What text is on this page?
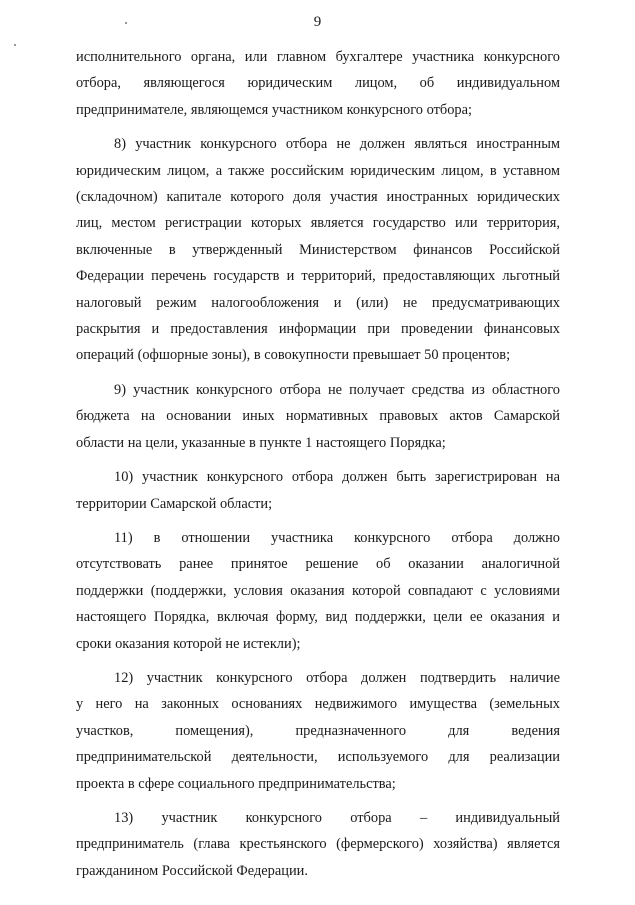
9
исполнительного органа, или главном бухгалтере участника конкурсного
отбора, являющегося юридическим лицом, об индивидуальном
предпринимателе, являющемся участником конкурсного отбора;
8) участник конкурсного отбора не должен являться иностранным
юридическим лицом, а также российским юридическим лицом, в уставном
(складочном) капитале которого доля участия иностранных юридических
лиц, местом регистрации которых является государство или территория,
включенные в утвержденный Министерством финансов Российской
Федерации перечень государств и территорий, предоставляющих льготный
налоговый режим налогообложения и (или) не предусматривающих
раскрытия и предоставления информации при проведении финансовых
операций (офшорные зоны), в совокупности превышает 50 процентов;
9) участник конкурсного отбора не получает средства из областного
бюджета на основании иных нормативных правовых актов Самарской
области на цели, указанные в пункте 1 настоящего Порядка;
10) участник конкурсного отбора должен быть зарегистрирован на
территории Самарской области;
11) в отношении участника конкурсного отбора должно
отсутствовать ранее принятое решение об оказании аналогичной
поддержки (поддержки, условия оказания которой совпадают с условиями
настоящего Порядка, включая форму, вид поддержки, цели ее оказания и
сроки оказания которой не истекли);
12) участник конкурсного отбора должен подтвердить наличие
у него на законных основаниях недвижимого имущества (земельных
участков, помещения), предназначенного для ведения
предпринимательской деятельности, используемого для реализации
проекта в сфере социального предпринимательства;
13) участник конкурсного отбора – индивидуальный
предприниматель (глава крестьянского (фермерского) хозяйства) является
гражданином Российской Федерации.
